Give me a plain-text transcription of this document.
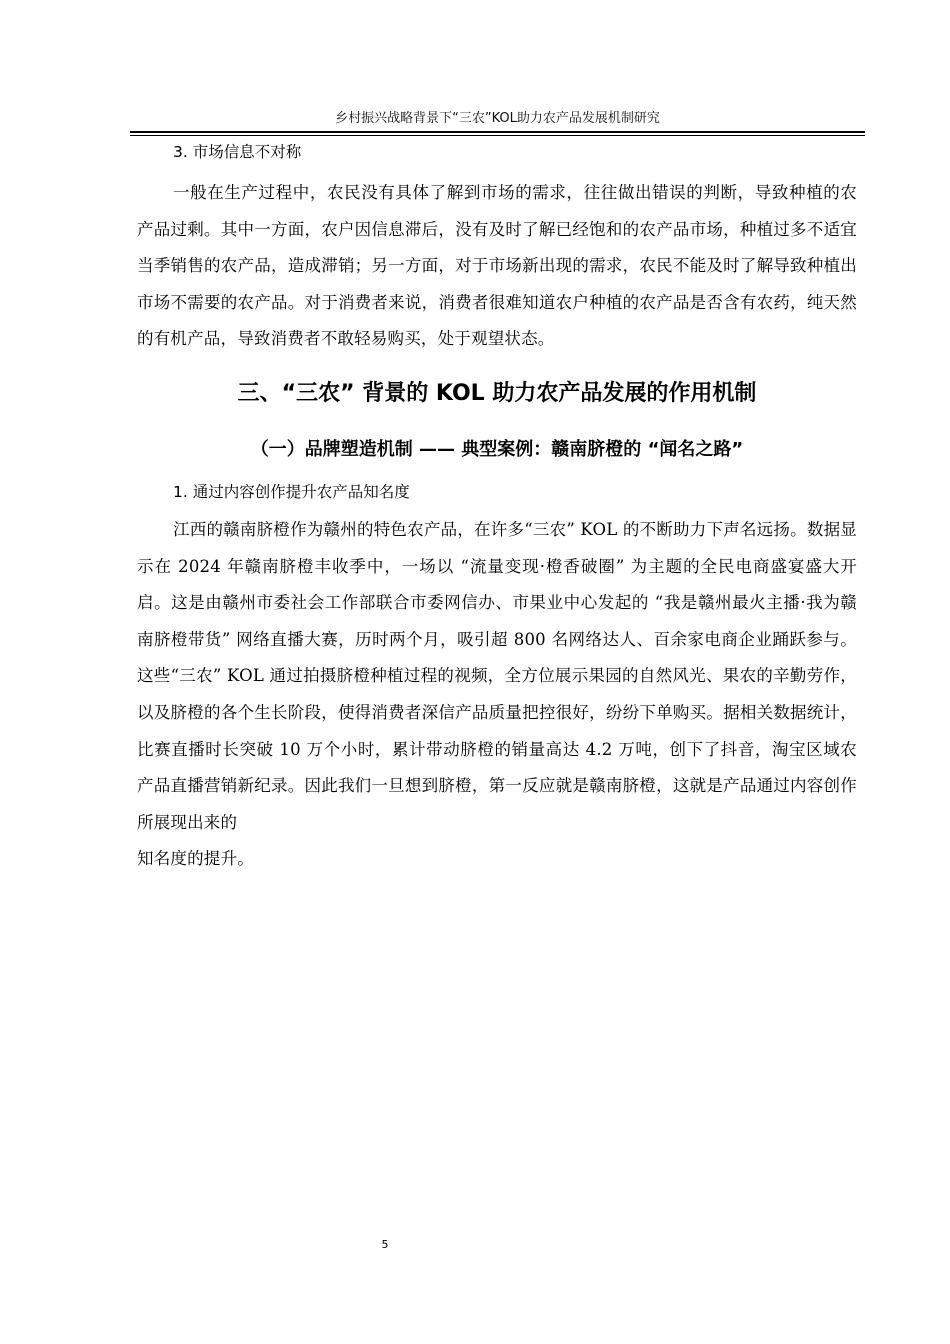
乡村振兴战略背景下“三农”KOL助力农产品发展机制研究

3. 市场信息不对称

一般在生产过程中，农民没有具体了解到市场的需求，往往做出错误的判断，导致种植的农产品过剩。其中一方面，农户因信息滞后，没有及时了解已经饱和的农产品市场，种植过多不适宜当季销售的农产品，造成滞销；另一方面，对于市场新出现的需求，农民不能及时了解导致种植出市场不需要的农产品。对于消费者来说，消费者很难知道农户种植的农产品是否含有农药，纯天然的有机产品，导致消费者不敢轻易购买，处于观望状态。

三、“三农” 背景的 KOL 助力农产品发展的作用机制
（一）品牌塑造机制 —— 典型案例：赣南脐橙的 “闻名之路”

1. 通过内容创作提升农产品知名度

江西的赣南脐橙作为赣州的特色农产品，在许多“三农” KOL 的不断助力下声名远扬。数据显示在 2024 年赣南脐橙丰收季中，一场以 “流量变现·橙香破圈” 为主题的全民电商盛宴盛大开启。这是由赣州市委社会工作部联合市委网信办、市果业中心发起的 “我是赣州最火主播·我为赣南脐橙带货” 网络直播大赛，历时两个月，吸引超 800 名网络达人、百余家电商企业踊跃参与。这些“三农” KOL 通过拍摄脐橙种植过程的视频，全方位展示果园的自然风光、果农的辛勤劳作，以及脐橙的各个生长阶段，使得消费者深信产品质量把控很好，纷纷下单购买。据相关数据统计，比赛直播时长突破 10 万个小时，累计带动脐橙的销量高达 4.2 万吨，创下了抖音，淘宝区域农产品直播营销新纪录。因此我们一旦想到脐橙，第一反应就是赣南脐橙，这就是产品通过内容创作所展现出来的

知名度的提升。

5
